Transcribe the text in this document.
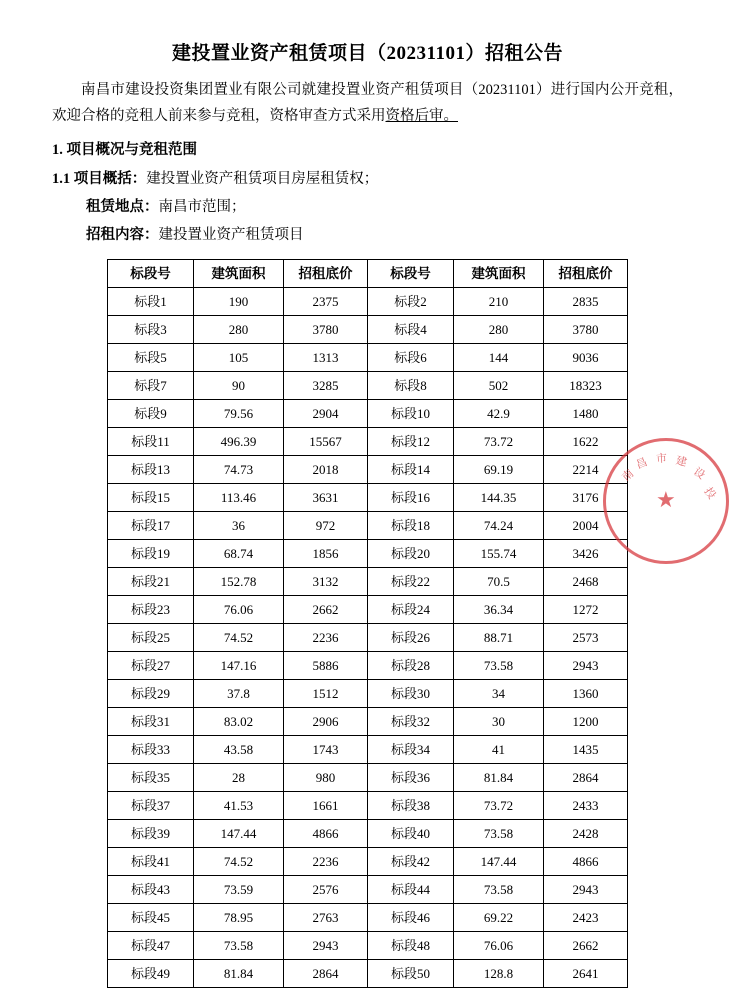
建投置业资产租赁项目（20231101）招租公告

南昌市建设投资集团置业有限公司就建投置业资产租赁项目（20231101）进行国内公开竞租，欢迎合格的竞租人前来参与竞租，资格审查方式采用资格后审。

1. 项目概况与竞租范围
1.1 项目概括：建投置业资产租赁项目房屋租赁权；
租赁地点：南昌市范围；
招租内容：建投置业资产租赁项目
标段号	建筑面积	招租底价	标段号	建筑面积	招租底价
标段1	190	2375	标段2	210	2835
标段3	280	3780	标段4	280	3780
标段5	105	1313	标段6	144	9036
标段7	90	3285	标段8	502	18323
标段9	79.56	2904	标段10	42.9	1480
标段11	496.39	15567	标段12	73.72	1622
标段13	74.73	2018	标段14	69.19	2214
标段15	113.46	3631	标段16	144.35	3176
标段17	36	972	标段18	74.24	2004
标段19	68.74	1856	标段20	155.74	3426
标段21	152.78	3132	标段22	70.5	2468
标段23	76.06	2662	标段24	36.34	1272
标段25	74.52	2236	标段26	88.71	2573
标段27	147.16	5886	标段28	73.58	2943
标段29	37.8	1512	标段30	34	1360
标段31	83.02	2906	标段32	30	1200
标段33	43.58	1743	标段34	41	1435
标段35	28	980	标段36	81.84	2864
标段37	41.53	1661	标段38	73.72	2433
标段39	147.44	4866	标段40	73.58	2428
标段41	74.52	2236	标段42	147.44	4866
标段43	73.59	2576	标段44	73.58	2943
标段45	78.95	2763	标段46	69.22	2423
标段47	73.58	2943	标段48	76.06	2662
标段49	81.84	2864	标段50	128.8	2641
南
昌 市 建
设
投
★
